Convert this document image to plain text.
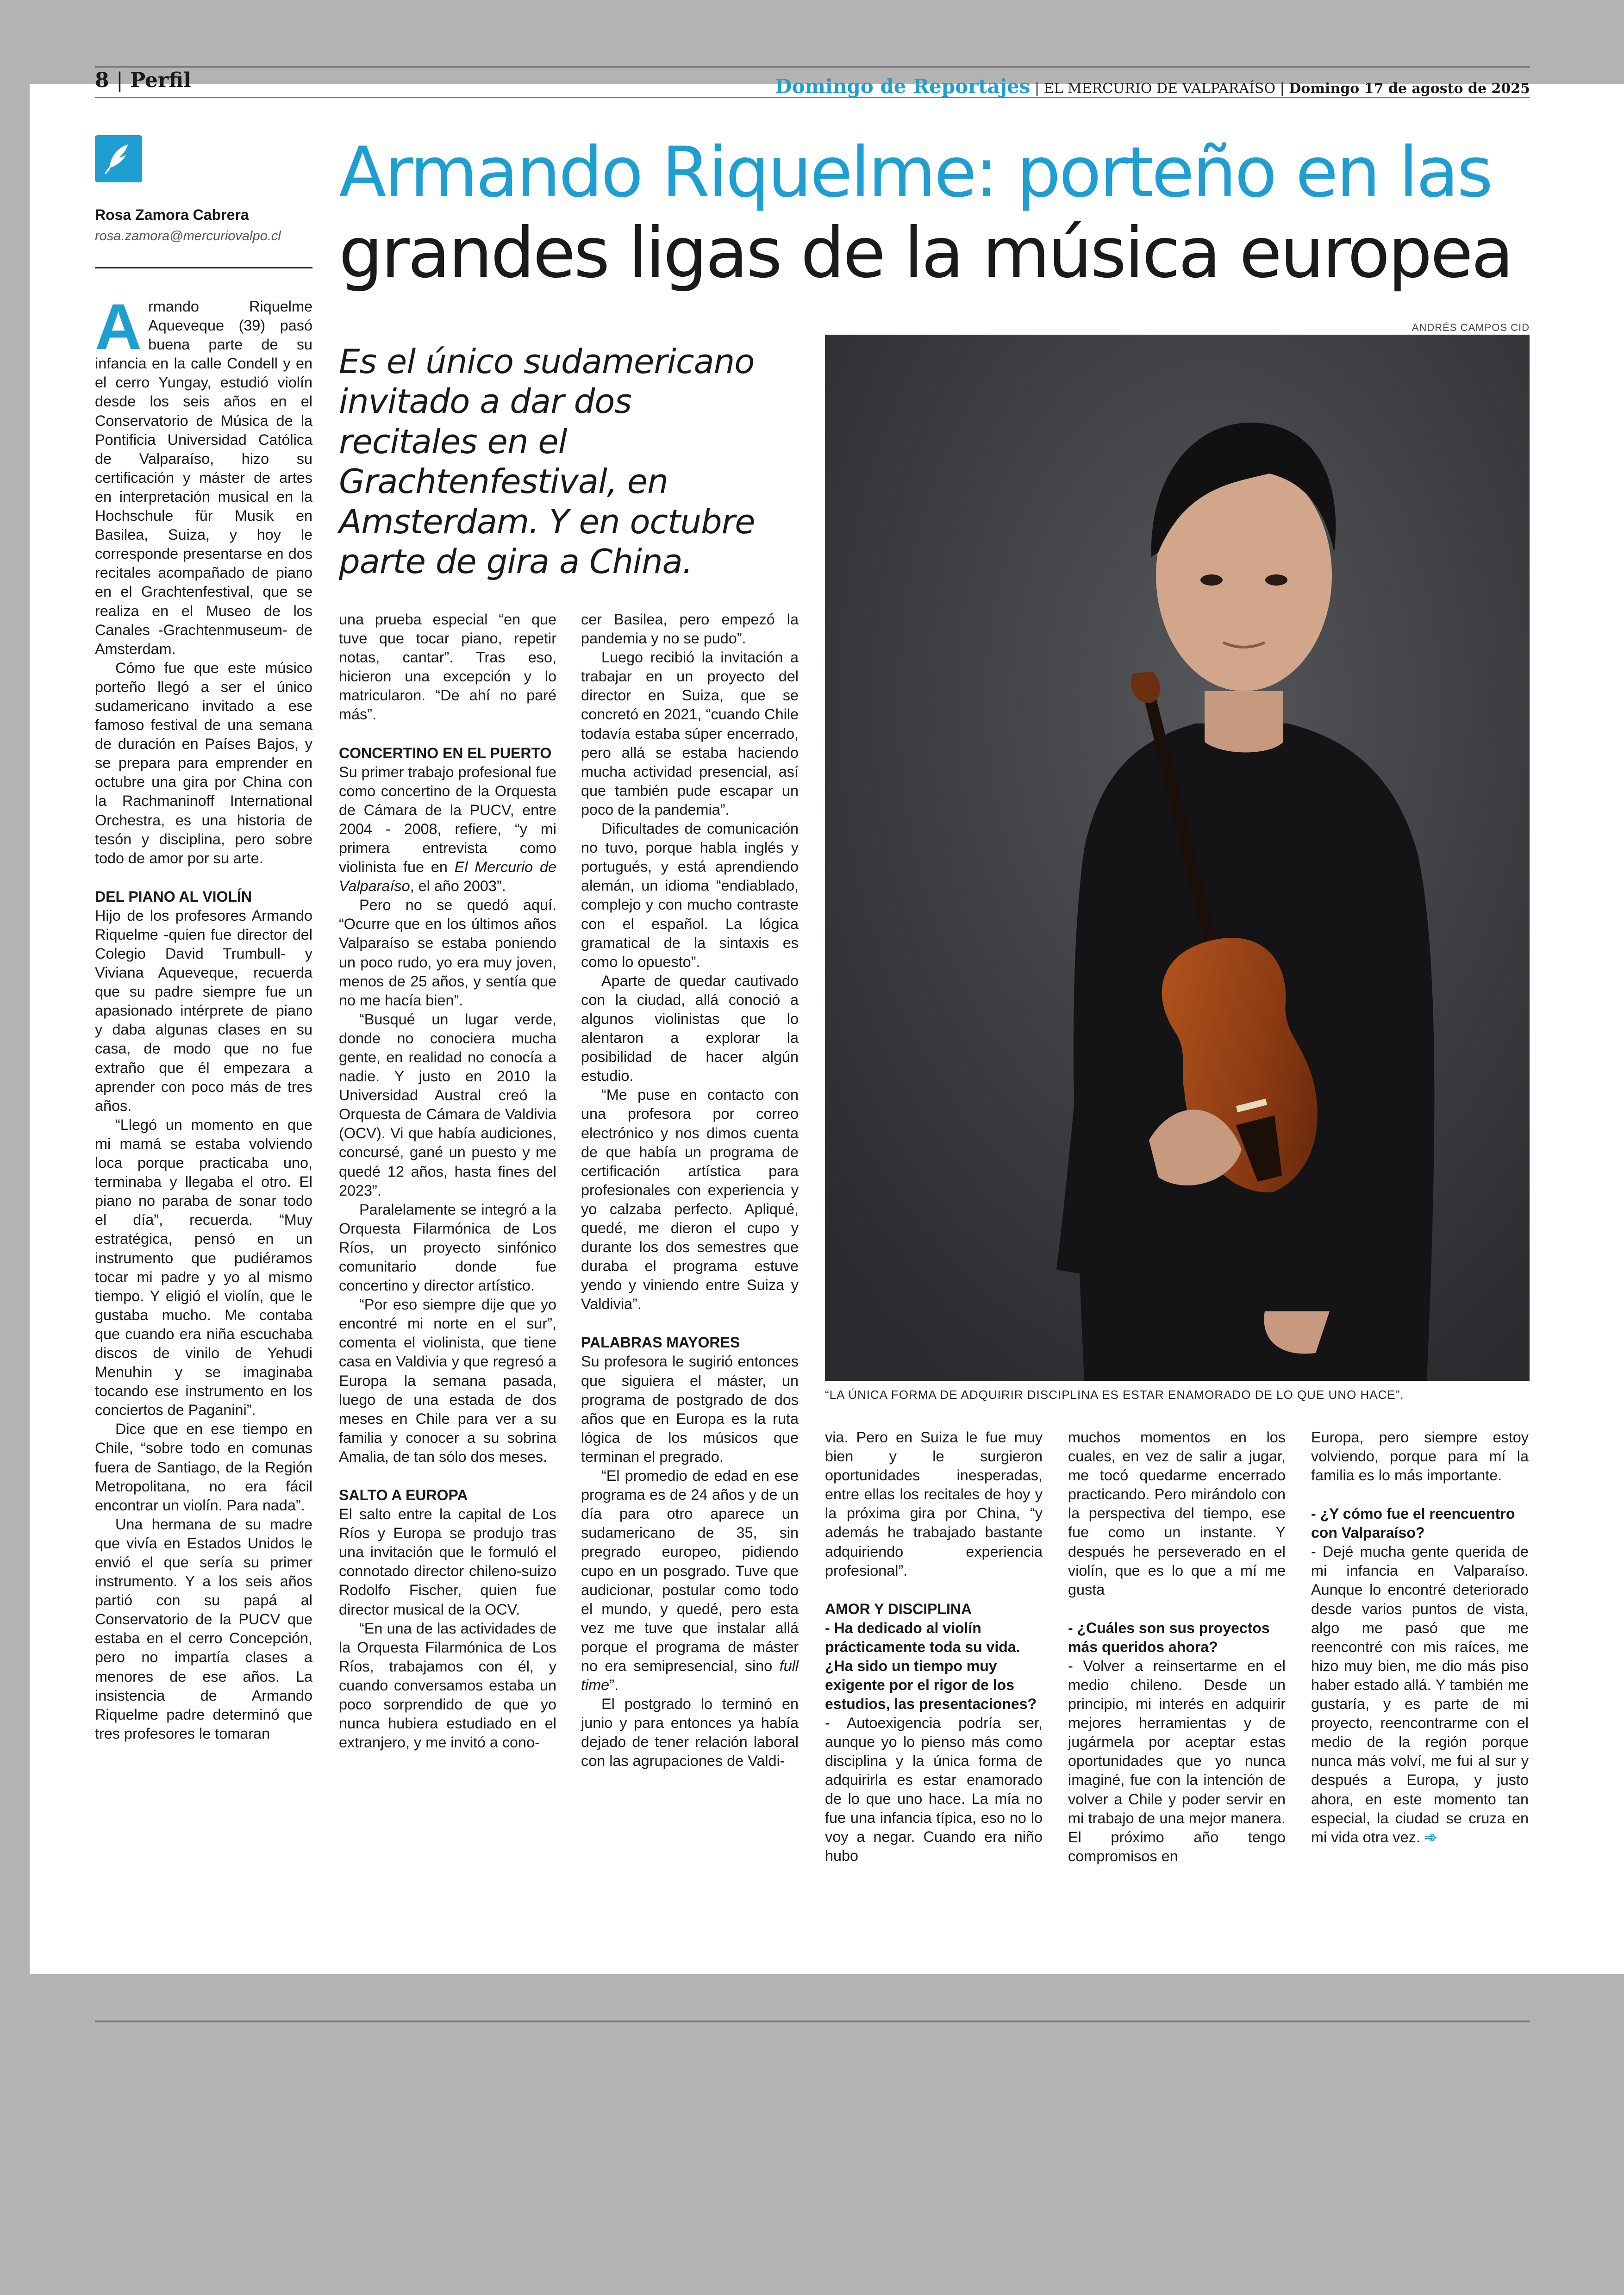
8 | Perfil	Domingo de Reportajes | EL MERCURIO DE VALPARAÍSO | Domingo 17 de agosto de 2025
Rosa Zamora Cabrera
rosa.zamora@mercuriovalpo.cl
Armando Riquelme: porteño en las
grandes ligas de la música europea
Es el único sudamericano invitado a dar dos recitales en el Grachtenfestival, en Amsterdam. Y en octubre parte de gira a China.
ANDRÉS CAMPOS CID
“LA ÚNICA FORMA DE ADQUIRIR DISCIPLINA ES ESTAR ENAMORADO DE LO QUE UNO HACE”.

Armando Riquelme Aqueveque (39) pasó buena parte de su infancia en la calle Condell y en el cerro Yungay, estudió violín desde los seis años en el Conservatorio de Música de la Pontificia Universidad Católica de Valparaíso, hizo su certificación y máster de artes en interpretación musical en la Hochschule für Musik en Basilea, Suiza, y hoy le corresponde presentarse en dos recitales acompañado de piano en el Grachtenfestival, que se realiza en el Museo de los Canales -Grachtenmuseum- de Amsterdam.

Cómo fue que este músico porteño llegó a ser el único sudamericano invitado a ese famoso festival de una semana de duración en Países Bajos, y se prepara para emprender en octubre una gira por China con la Rachmaninoff International Orchestra, es una historia de tesón y disciplina, pero sobre todo de amor por su arte.

DEL PIANO AL VIOLÍN

Hijo de los profesores Armando Riquelme -quien fue director del Colegio David Trumbull- y Viviana Aqueveque, recuerda que su padre siempre fue un apasionado intérprete de piano y daba algunas clases en su casa, de modo que no fue extraño que él empezara a aprender con poco más de tres años.

“Llegó un momento en que mi mamá se estaba volviendo loca porque practicaba uno, terminaba y llegaba el otro. El piano no paraba de sonar todo el día”, recuerda. “Muy estratégica, pensó en un instrumento que pudiéramos tocar mi padre y yo al mismo tiempo. Y eligió el violín, que le gustaba mucho. Me contaba que cuando era niña escuchaba discos de vinilo de Yehudi Menuhin y se imaginaba tocando ese instrumento en los conciertos de Paganini”.

Dice que en ese tiempo en Chile, “sobre todo en comunas fuera de Santiago, de la Región Metropolitana, no era fácil encontrar un violín. Para nada”.

Una hermana de su madre que vivía en Estados Unidos le envió el que sería su primer instrumento. Y a los seis años partió con su papá al Conservatorio de la PUCV que estaba en el cerro Concepción, pero no impartía clases a menores de ese años. La insistencia de Armando Riquelme padre determinó que tres profesores le tomaran

una prueba especial “en que tuve que tocar piano, repetir notas, cantar”. Tras eso, hicieron una excepción y lo matricularon. “De ahí no paré más”.

CONCERTINO EN EL PUERTO

Su primer trabajo profesional fue como concertino de la Orquesta de Cámara de la PUCV, entre 2004 - 2008, refiere, “y mi primera entrevista como violinista fue en El Mercurio de Valparaíso, el año 2003”.

Pero no se quedó aquí. “Ocurre que en los últimos años Valparaíso se estaba poniendo un poco rudo, yo era muy joven, menos de 25 años, y sentía que no me hacía bien”.

“Busqué un lugar verde, donde no conociera mucha gente, en realidad no conocía a nadie. Y justo en 2010 la Universidad Austral creó la Orquesta de Cámara de Valdivia (OCV). Vi que había audiciones, concursé, gané un puesto y me quedé 12 años, hasta fines del 2023”.

Paralelamente se integró a la Orquesta Filarmónica de Los Ríos, un proyecto sinfónico comunitario donde fue concertino y director artístico.

“Por eso siempre dije que yo encontré mi norte en el sur”, comenta el violinista, que tiene casa en Valdivia y que regresó a Europa la semana pasada, luego de una estada de dos meses en Chile para ver a su familia y conocer a su sobrina Amalia, de tan sólo dos meses.

SALTO A EUROPA

El salto entre la capital de Los Ríos y Europa se produjo tras una invitación que le formuló el connotado director chileno-suizo Rodolfo Fischer, quien fue director musical de la OCV.

“En una de las actividades de la Orquesta Filarmónica de Los Ríos, trabajamos con él, y cuando conversamos estaba un poco sorprendido de que yo nunca hubiera estudiado en el extranjero, y me invitó a cono-

cer Basilea, pero empezó la pandemia y no se pudo”.

Luego recibió la invitación a trabajar en un proyecto del director en Suiza, que se concretó en 2021, “cuando Chile todavía estaba súper encerrado, pero allá se estaba haciendo mucha actividad presencial, así que también pude escapar un poco de la pandemia”.

Dificultades de comunicación no tuvo, porque habla inglés y portugués, y está aprendiendo alemán, un idioma “endiablado, complejo y con mucho contraste con el español. La lógica gramatical de la sintaxis es como lo opuesto”.

Aparte de quedar cautivado con la ciudad, allá conoció a algunos violinistas que lo alentaron a explorar la posibilidad de hacer algún estudio.

“Me puse en contacto con una profesora por correo electrónico y nos dimos cuenta de que había un programa de certificación artística para profesionales con experiencia y yo calzaba perfecto. Apliqué, quedé, me dieron el cupo y durante los dos semestres que duraba el programa estuve yendo y viniendo entre Suiza y Valdivia”.

PALABRAS MAYORES

Su profesora le sugirió entonces que siguiera el máster, un programa de postgrado de dos años que en Europa es la ruta lógica de los músicos que terminan el pregrado.

“El promedio de edad en ese programa es de 24 años y de un día para otro aparece un sudamericano de 35, sin pregrado europeo, pidiendo cupo en un posgrado. Tuve que audicionar, postular como todo el mundo, y quedé, pero esta vez me tuve que instalar allá porque el programa de máster no era semipresencial, sino full time”.

El postgrado lo terminó en junio y para entonces ya había dejado de tener relación laboral con las agrupaciones de Valdi-

via. Pero en Suiza le fue muy bien y le surgieron oportunidades inesperadas, entre ellas los recitales de hoy y la próxima gira por China, “y además he trabajado bastante adquiriendo experiencia profesional”.

AMOR Y DISCIPLINA
- Ha dedicado al violín prácticamente toda su vida. ¿Ha sido un tiempo muy exigente por el rigor de los estudios, las presentaciones?

- Autoexigencia podría ser, aunque yo lo pienso más como disciplina y la única forma de adquirirla es estar enamorado de lo que uno hace. La mía no fue una infancia típica, eso no lo voy a negar. Cuando era niño hubo

muchos momentos en los cuales, en vez de salir a jugar, me tocó quedarme encerrado practicando. Pero mirándolo con la perspectiva del tiempo, ese fue como un instante. Y después he perseverado en el violín, que es lo que a mí me gusta

- ¿Cuáles son sus proyectos más queridos ahora?

- Volver a reinsertarme en el medio chileno. Desde un principio, mi interés en adquirir mejores herramientas y de jugármela por aceptar estas oportunidades que yo nunca imaginé, fue con la intención de volver a Chile y poder servir en mi trabajo de una mejor manera. El próximo año tengo compromisos en

Europa, pero siempre estoy volviendo, porque para mí la familia es lo más importante.

- ¿Y cómo fue el reencuentro con Valparaíso?

- Dejé mucha gente querida de mi infancia en Valparaíso. Aunque lo encontré deteriorado desde varios puntos de vista, algo me pasó que me reencontré con mis raíces, me hizo muy bien, me dio más piso haber estado allá. Y también me gustaría, y es parte de mi proyecto, reencontrarme con el medio de la región porque nunca más volví, me fui al sur y después a Europa, y justo ahora, en este momento tan especial, la ciudad se cruza en mi vida otra vez. ➾
